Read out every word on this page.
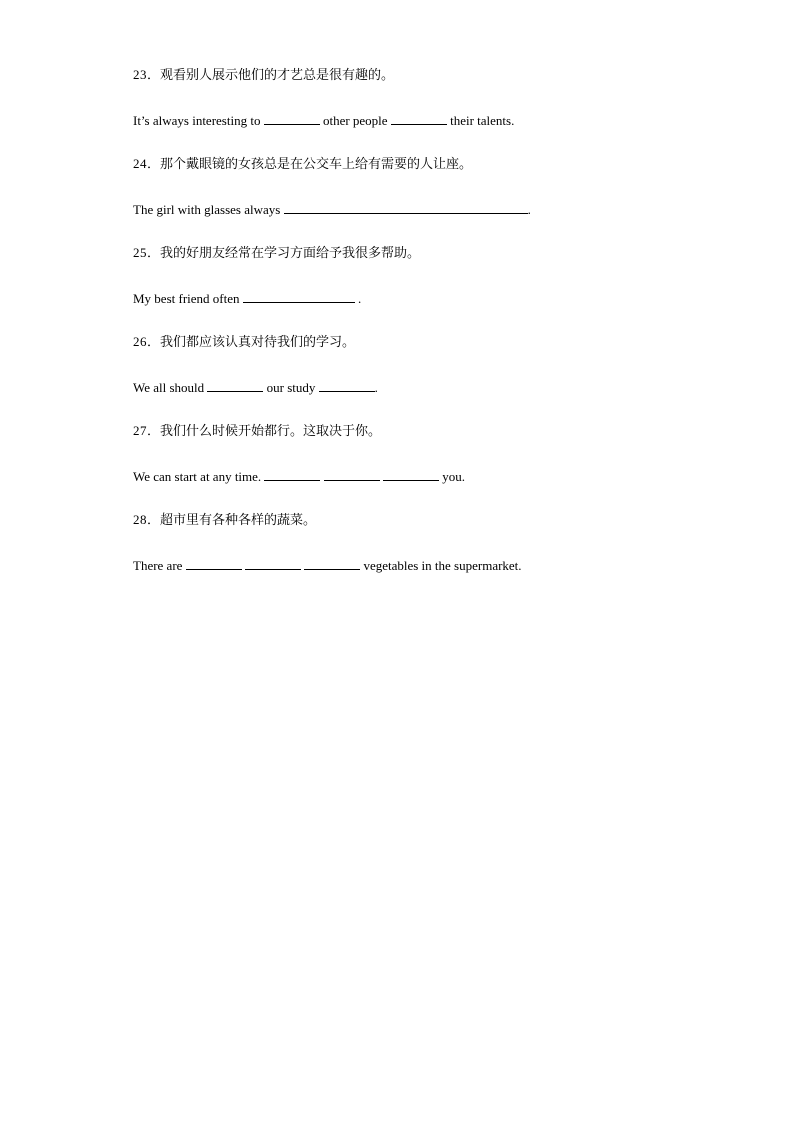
23．观看别人展示他们的才艺总是很有趣的。
It’s always interesting to	other people	their talents.
24．那个戴眼镜的女孩总是在公交车上给有需要的人让座。
The girl with glasses always	.
25．我的好朋友经常在学习方面给予我很多帮助。
My best friend often	.
26．我们都应该认真对待我们的学习。
We all should	our study	.
27．我们什么时候开始都行。这取决于你。
We can start at any time.	you.
28．超市里有各种各样的蔬菜。
There are	vegetables in the supermarket.
